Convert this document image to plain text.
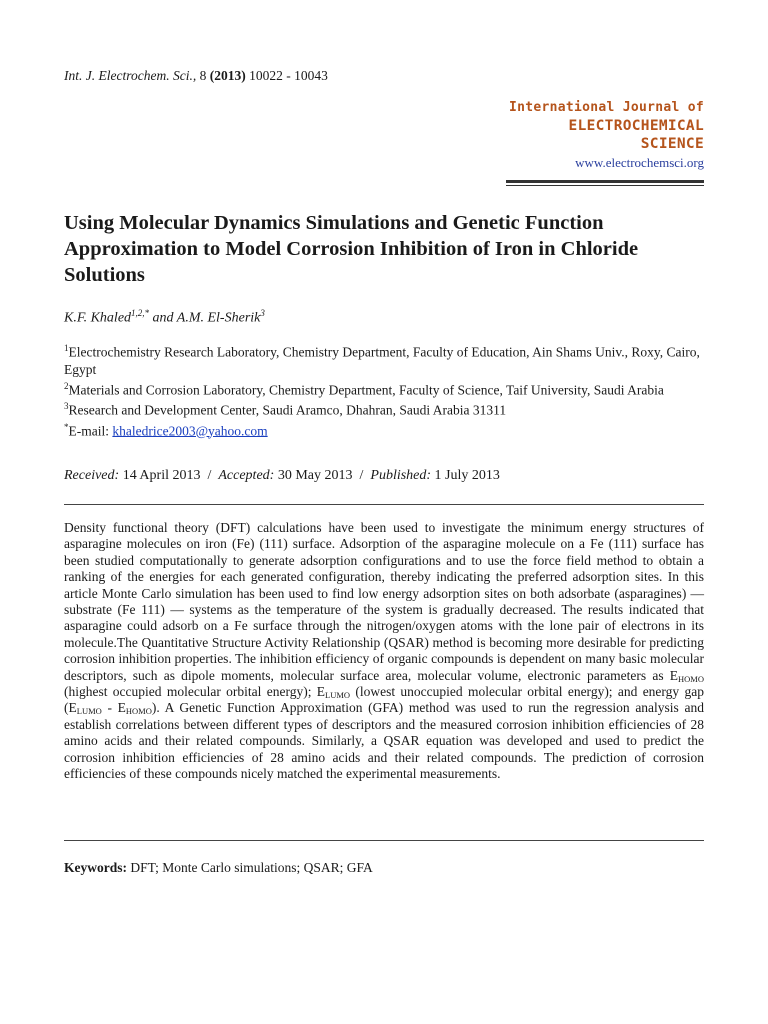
Int. J. Electrochem. Sci., 8 (2013) 10022 - 10043
International Journal of
ELECTROCHEMICAL
SCIENCE
www.electrochemsci.org
Using Molecular Dynamics Simulations and Genetic Function Approximation to Model Corrosion Inhibition of Iron in Chloride Solutions
K.F. Khaled$^{1,2,*}$ and A.M. El-Sherik$^3$
$^1$Electrochemistry Research Laboratory, Chemistry Department, Faculty of Education, Ain Shams Univ., Roxy, Cairo, Egypt
$^2$Materials and Corrosion Laboratory, Chemistry Department, Faculty of Science, Taif University, Saudi Arabia
$^3$Research and Development Center, Saudi Aramco, Dhahran, Saudi Arabia 31311
*E-mail: khaledrice2003@yahoo.com
Received: 14 April 2013 / Accepted: 30 May 2013 / Published: 1 July 2013
Density functional theory (DFT) calculations have been used to investigate the minimum energy structures of asparagine molecules on iron (Fe) (111) surface. Adsorption of the asparagine molecule on a Fe (111) surface has been studied computationally to generate adsorption configurations and to use the force field method to obtain a ranking of the energies for each generated configuration, thereby indicating the preferred adsorption sites. In this article Monte Carlo simulation has been used to find low energy adsorption sites on both adsorbate (asparagines) — substrate (Fe 111) — systems as the temperature of the system is gradually decreased. The results indicated that asparagine could adsorb on a Fe surface through the nitrogen/oxygen atoms with the lone pair of electrons in its molecule.The Quantitative Structure Activity Relationship (QSAR) method is becoming more desirable for predicting corrosion inhibition properties. The inhibition efficiency of organic compounds is dependent on many basic molecular descriptors, such as dipole moments, molecular surface area, molecular volume, electronic parameters as $E_{HOMO}$ (highest occupied molecular orbital energy); $E_{LUMO}$ (lowest unoccupied molecular orbital energy); and energy gap $(E_{LUMO} - E_{HOMO})$. A Genetic Function Approximation (GFA) method was used to run the regression analysis and establish correlations between different types of descriptors and the measured corrosion inhibition efficiencies of 28 amino acids and their related compounds. Similarly, a QSAR equation was developed and used to predict the corrosion inhibition efficiencies of 28 amino acids and their related compounds. The prediction of corrosion efficiencies of these compounds nicely matched the experimental measurements.
Keywords: DFT; Monte Carlo simulations; QSAR; GFA
